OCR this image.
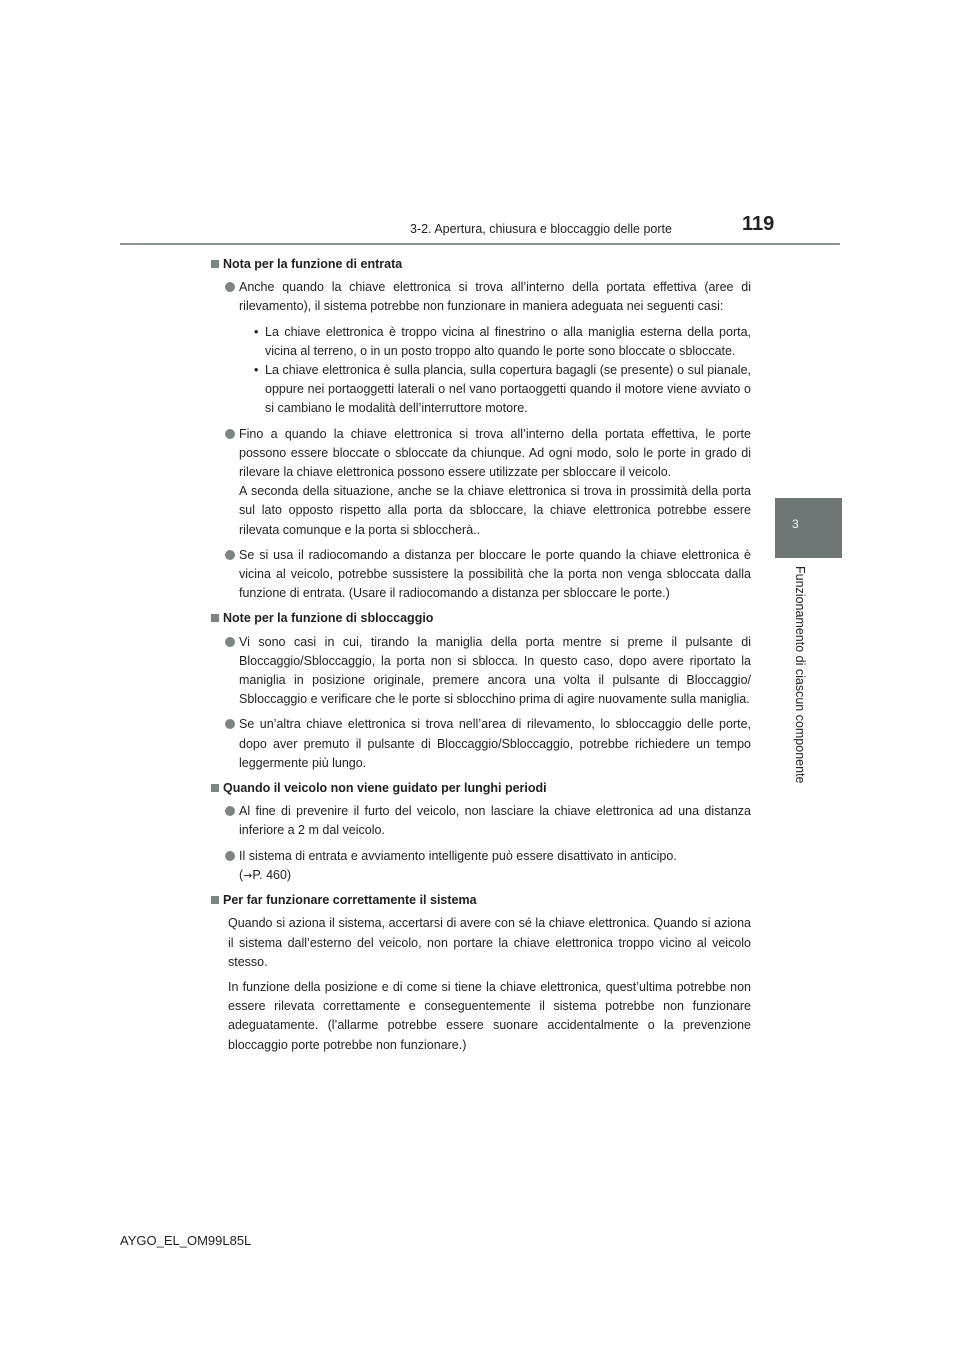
3-2. Apertura, chiusura e bloccaggio delle porte	119
3
Funzionamento di ciascun componente
Nota per la funzione di entrata
Anche quando la chiave elettronica si trova all’interno della portata effettiva (aree di rilevamento), il sistema potrebbe non funzionare in maniera adeguata nei seguenti casi:
• La chiave elettronica è troppo vicina al finestrino o alla maniglia esterna della porta, vicina al terreno, o in un posto troppo alto quando le porte sono bloccate o sbloccate.
• La chiave elettronica è sulla plancia, sulla copertura bagagli (se presente) o sul pianale, oppure nei portaoggetti laterali o nel vano portaoggetti quando il motore viene avviato o si cambiano le modalità dell’interruttore motore.
Fino a quando la chiave elettronica si trova all’interno della portata effettiva, le porte possono essere bloccate o sbloccate da chiunque. Ad ogni modo, solo le porte in grado di rilevare la chiave elettronica possono essere utilizzate per sbloccare il veicolo.
A seconda della situazione, anche se la chiave elettronica si trova in prossimità della porta sul lato opposto rispetto alla porta da sbloccare, la chiave elettronica potrebbe essere rilevata comunque e la porta si sbloccherà..
Se si usa il radiocomando a distanza per bloccare le porte quando la chiave elettronica è vicina al veicolo, potrebbe sussistere la possibilità che la porta non venga sbloccata dalla funzione di entrata. (Usare il radiocomando a distanza per sbloccare le porte.)
Note per la funzione di sbloccaggio
Vi sono casi in cui, tirando la maniglia della porta mentre si preme il pulsante di Bloccaggio/Sbloccaggio, la porta non si sblocca. In questo caso, dopo avere riportato la maniglia in posizione originale, premere ancora una volta il pulsante di Bloccaggio/ Sbloccaggio e verificare che le porte si sblocchino prima di agire nuovamente sulla maniglia.
Se un’altra chiave elettronica si trova nell’area di rilevamento, lo sbloccaggio delle porte, dopo aver premuto il pulsante di Bloccaggio/Sbloccaggio, potrebbe richiedere un tempo leggermente più lungo.
Quando il veicolo non viene guidato per lunghi periodi
Al fine di prevenire il furto del veicolo, non lasciare la chiave elettronica ad una distanza inferiore a 2 m dal veicolo.
Il sistema di entrata e avviamento intelligente può essere disattivato in anticipo.
(→P. 460)
Per far funzionare correttamente il sistema
Quando si aziona il sistema, accertarsi di avere con sé la chiave elettronica. Quando si aziona il sistema dall’esterno del veicolo, non portare la chiave elettronica troppo vicino al veicolo stesso.
In funzione della posizione e di come si tiene la chiave elettronica, quest’ultima potrebbe non essere rilevata correttamente e conseguentemente il sistema potrebbe non funzionare adeguatamente. (l’allarme potrebbe essere suonare accidentalmente o la prevenzione bloccaggio porte potrebbe non funzionare.)
AYGO_EL_OM99L85L
